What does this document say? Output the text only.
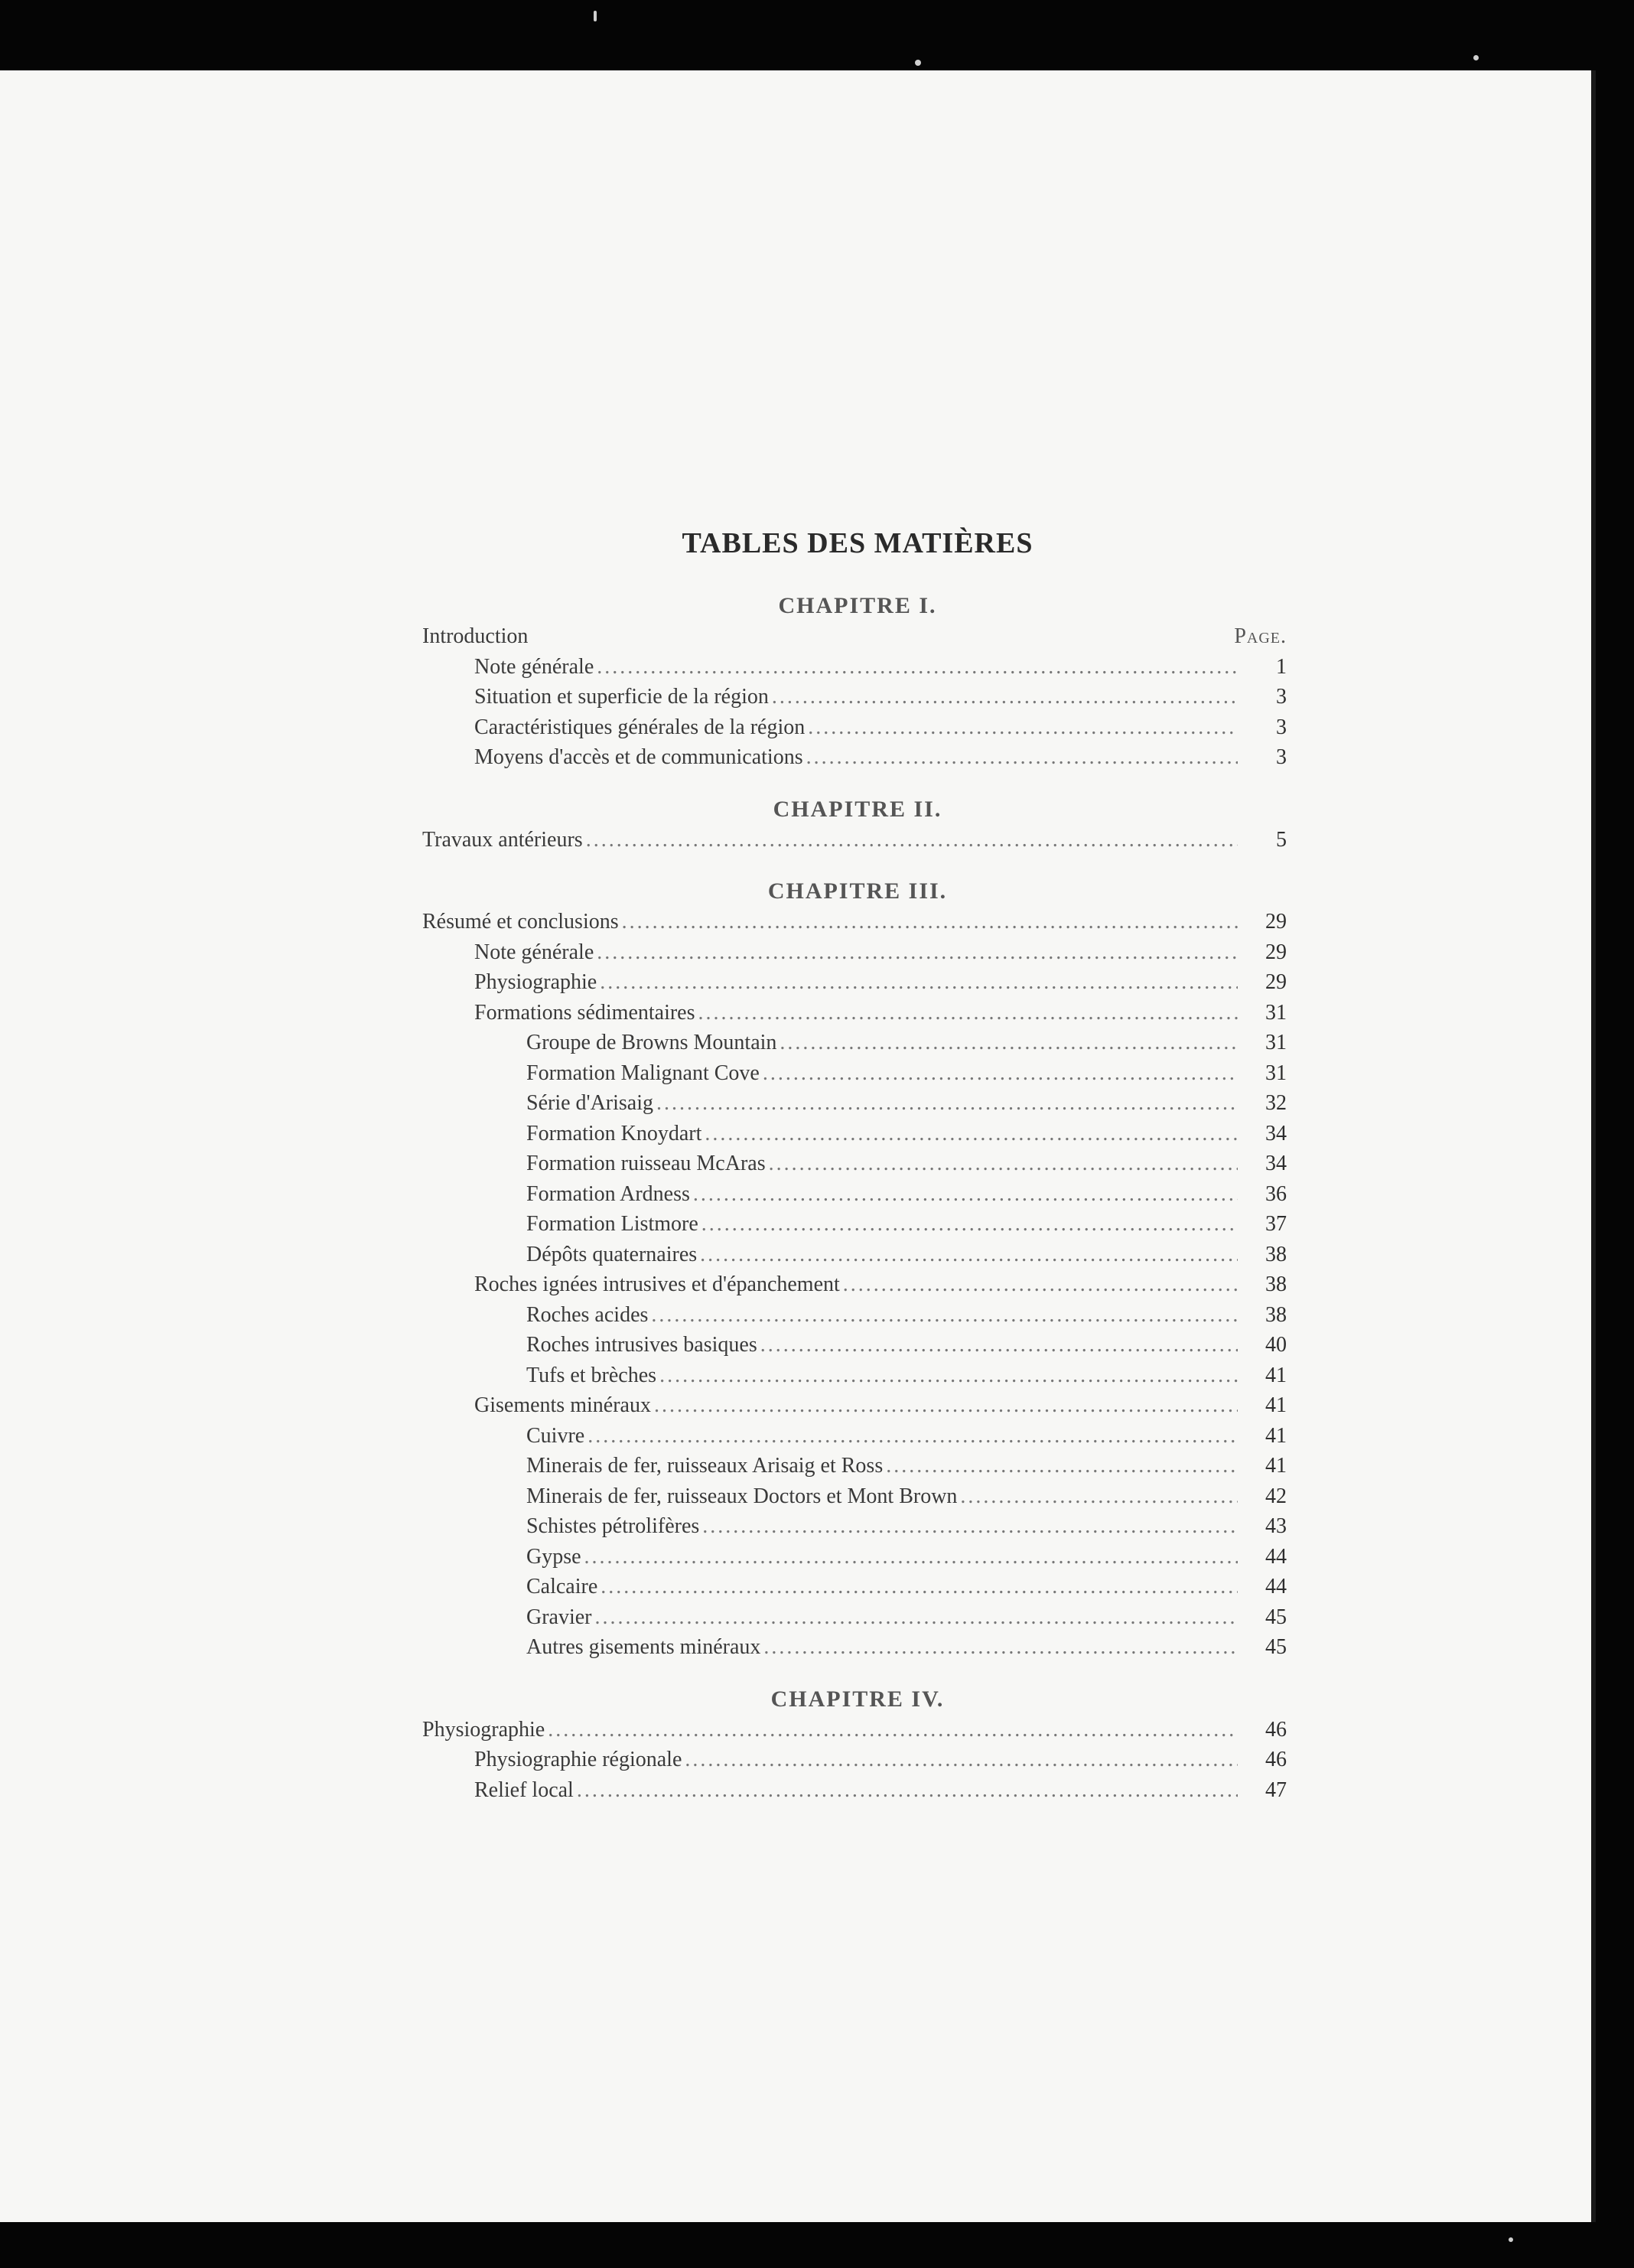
TABLES DES MATIÈRES
CHAPITRE I.
Introduction	Page.
Note générale .....	1
Situation et superficie de la région .....	3
Caractéristiques générales de la région .....	3
Moyens d'accès et de communications .....	3
CHAPITRE II.
Travaux antérieurs .....	5
CHAPITRE III.
Résumé et conclusions .....	29
Note générale .....	29
Physiographie .....	29
Formations sédimentaires .....	31
Groupe de Browns Mountain .....	31
Formation Malignant Cove .....	31
Série d'Arisaig .....	32
Formation Knoydart .....	34
Formation ruisseau McAras .....	34
Formation Ardness .....	36
Formation Listmore .....	37
Dépôts quaternaires .....	38
Roches ignées intrusives et d'épanchement .....	38
Roches acides .....	38
Roches intrusives basiques .....	40
Tufs et brèches .....	41
Gisements minéraux .....	41
Cuivre .....	41
Minerais de fer, ruisseaux Arisaig et Ross .....	41
Minerais de fer, ruisseaux Doctors et Mont Brown .....	42
Schistes pétrolifères .....	43
Gypse .....	44
Calcaire .....	44
Gravier .....	45
Autres gisements minéraux .....	45
CHAPITRE IV.
Physiographie .....	46
Physiographie régionale .....	46
Relief local .....	47
